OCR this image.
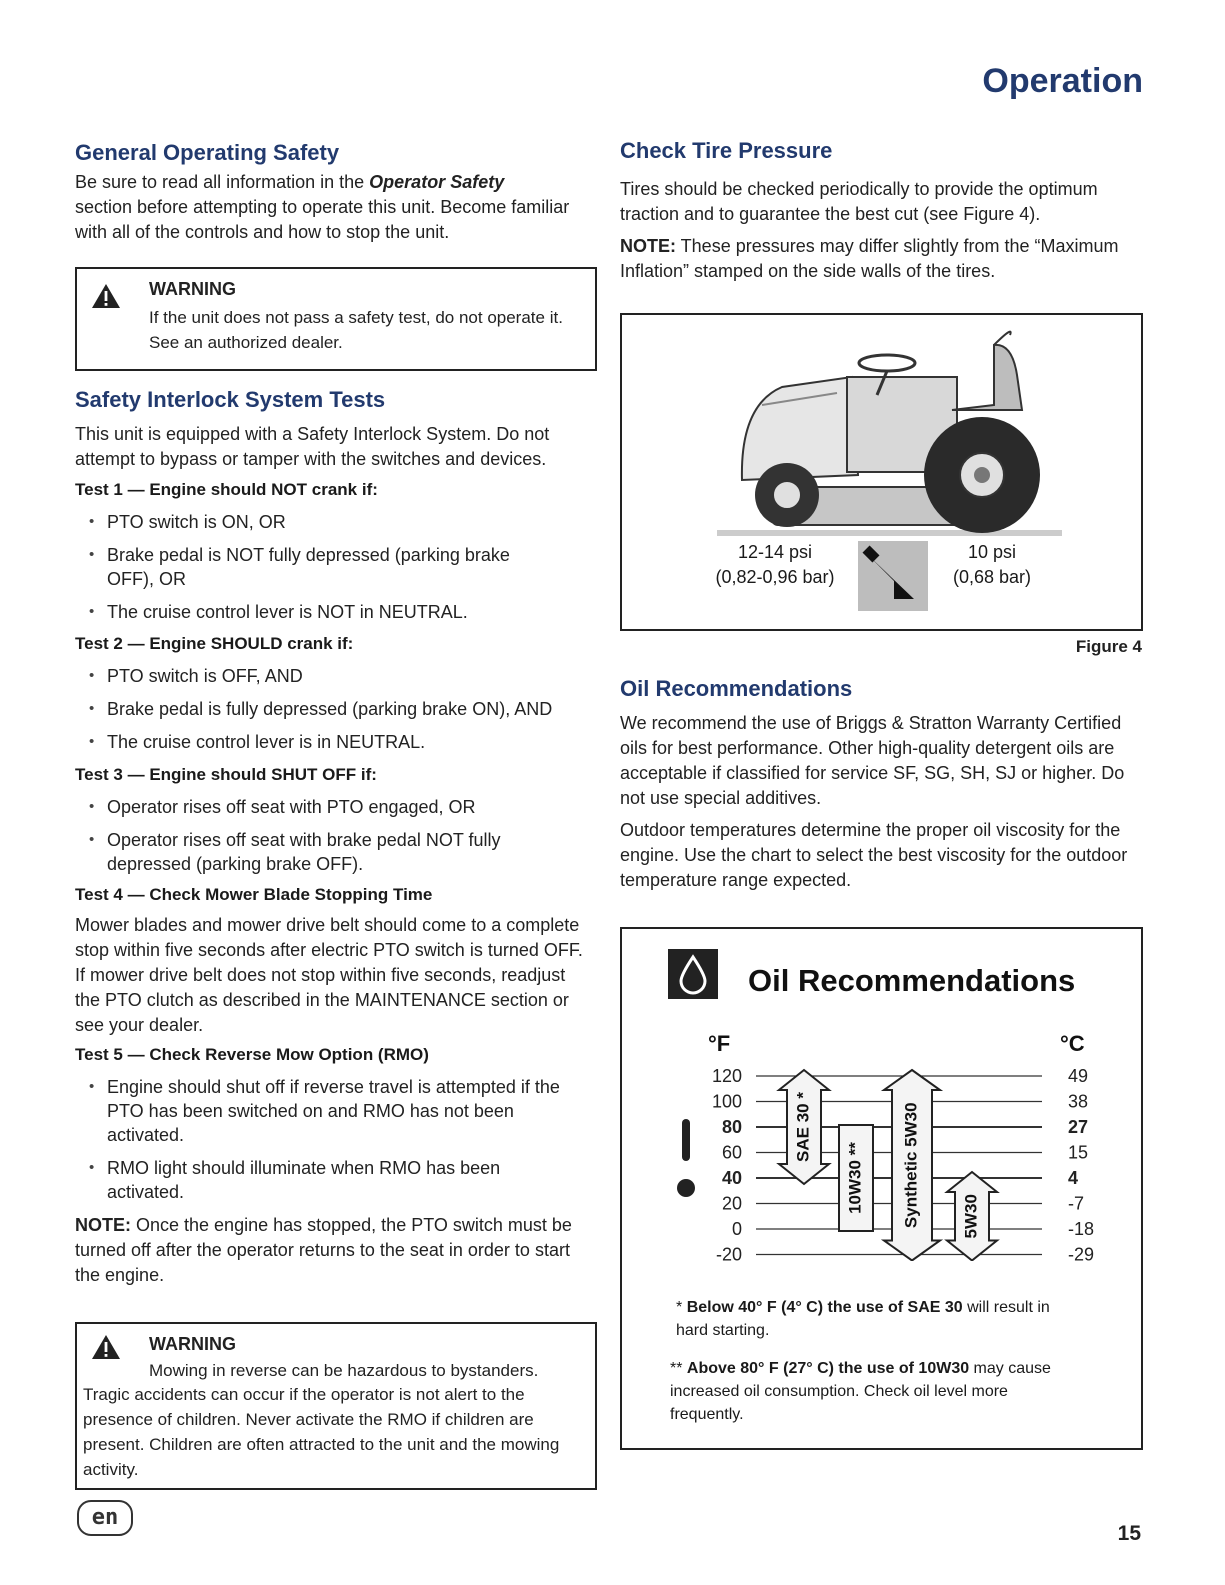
Operation
General Operating Safety
Be sure to read all information in the Operator Safety
section before attempting to operate this unit. Become familiar with all of the controls and how to stop the unit.
WARNING
If the unit does not pass a safety test, do not operate it. See an authorized dealer.
Safety Interlock System Tests
This unit is equipped with a Safety Interlock System. Do not attempt to bypass or tamper with the switches and devices.
Test 1 — Engine should NOT crank if:
• PTO switch is ON, OR
• Brake pedal is NOT fully depressed (parking brake OFF), OR
• The cruise control lever is NOT in NEUTRAL.
Test 2 — Engine SHOULD crank if:
• PTO switch is OFF, AND
• Brake pedal is fully depressed (parking brake ON), AND
• The cruise control lever is in NEUTRAL.
Test 3 — Engine should SHUT OFF if:
• Operator rises off seat with PTO engaged, OR
• Operator rises off seat with brake pedal NOT fully depressed (parking brake OFF).
Test 4 — Check Mower Blade Stopping Time
Mower blades and mower drive belt should come to a complete stop within five seconds after electric PTO switch is turned OFF. If mower drive belt does not stop within five seconds, readjust the PTO clutch as described in the MAINTENANCE section or see your dealer.
Test 5 — Check Reverse Mow Option (RMO)
• Engine should shut off if reverse travel is attempted if the PTO has been switched on and RMO has not been activated.
• RMO light should illuminate when RMO has been activated.
NOTE: Once the engine has stopped, the PTO switch must be turned off after the operator returns to the seat in order to start the engine.
WARNING
Mowing in reverse can be hazardous to bystanders.
Tragic accidents can occur if the operator is not alert to the presence of children. Never activate the RMO if children are present. Children are often attracted to the unit and the mowing activity.
en
Check Tire Pressure
Tires should be checked periodically to provide the optimum traction and to guarantee the best cut (see Figure 4).
NOTE: These pressures may differ slightly from the “Maximum Inflation” stamped on the side walls of the tires.
12-14 psi
(0,82-0,96 bar)
10 psi
(0,68 bar)
Figure 4
Oil Recommendations
We recommend the use of Briggs & Stratton Warranty Certified oils for best performance. Other high-quality detergent oils are acceptable if classified for service SF, SG, SH, SJ or higher. Do not use special additives.
Outdoor temperatures determine the proper oil viscosity for the engine. Use the chart to select the best viscosity for the outdoor temperature range expected.
Oil Recommendations
°F	°C
120	49
100	38
80	27
60	15
40	4
20	-7
0	-18
-20	-29
SAE 30 *
10W30 ** Synthetic 5W30 5W30
* Below 40° F (4° C) the use of SAE 30 will result in hard starting.
** Above 80° F (27° C) the use of 10W30 may cause increased oil consumption. Check oil level more frequently.
15
